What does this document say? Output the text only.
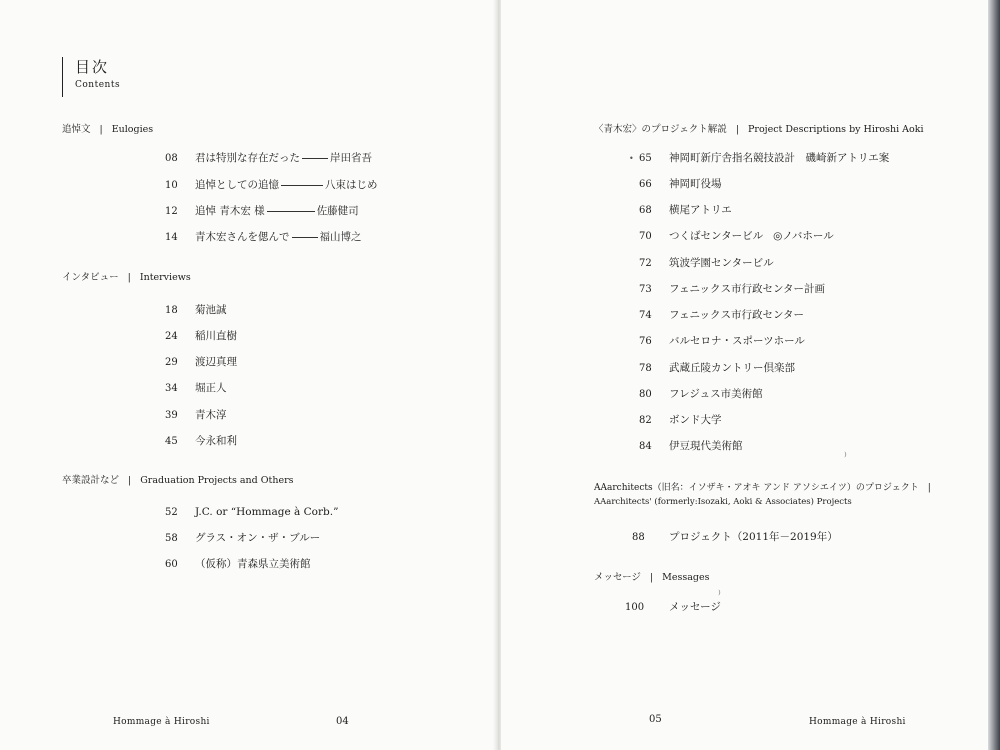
目次
Contents
追悼文 | Eulogies
08 君は特別な存在だった	岸田省吾
10 追悼としての追憶	八束はじめ
12 追悼 青木宏 様	佐藤健司
14 青木宏さんを偲んで	福山博之
インタビュー | Interviews
18 菊池誠
24 稲川直樹
29 渡辺真理
34 堀正人
39 青木淳
45 今永和利
卒業設計など | Graduation Projects and Others
52 J.C. or “Hommage à Corb.”
58 グラス・オン・ザ・ブルー
60 （仮称）青森県立美術館
Hommage à Hiroshi	04
〈青木宏〉のプロジェクト解説 | Project Descriptions by Hiroshi Aoki
• 65 神岡町新庁舎指名競技設計　磯崎新アトリエ案
66 神岡町役場
68 横尾アトリエ
70 つくばセンタービル ◎ノバホール
72 筑波学園センタービル
73 フェニックス市行政センター計画
74 フェニックス市行政センター
76 バルセロナ・スポーツホール
78 武蔵丘陵カントリー倶楽部
80 フレジュス市美術館
82 ボンド大学
84 伊豆現代美術館
AAarchitects（旧名：イソザキ・アオキ アンド アソシエイツ）のプロジェクト |
⁾
AAarchitects' (formerly:Isozaki, Aoki & Associates) Projects
88 プロジェクト（2011年－2019年）
メッセージ | Messages
100 メッセージ
⁾
05	Hommage à Hiroshi
